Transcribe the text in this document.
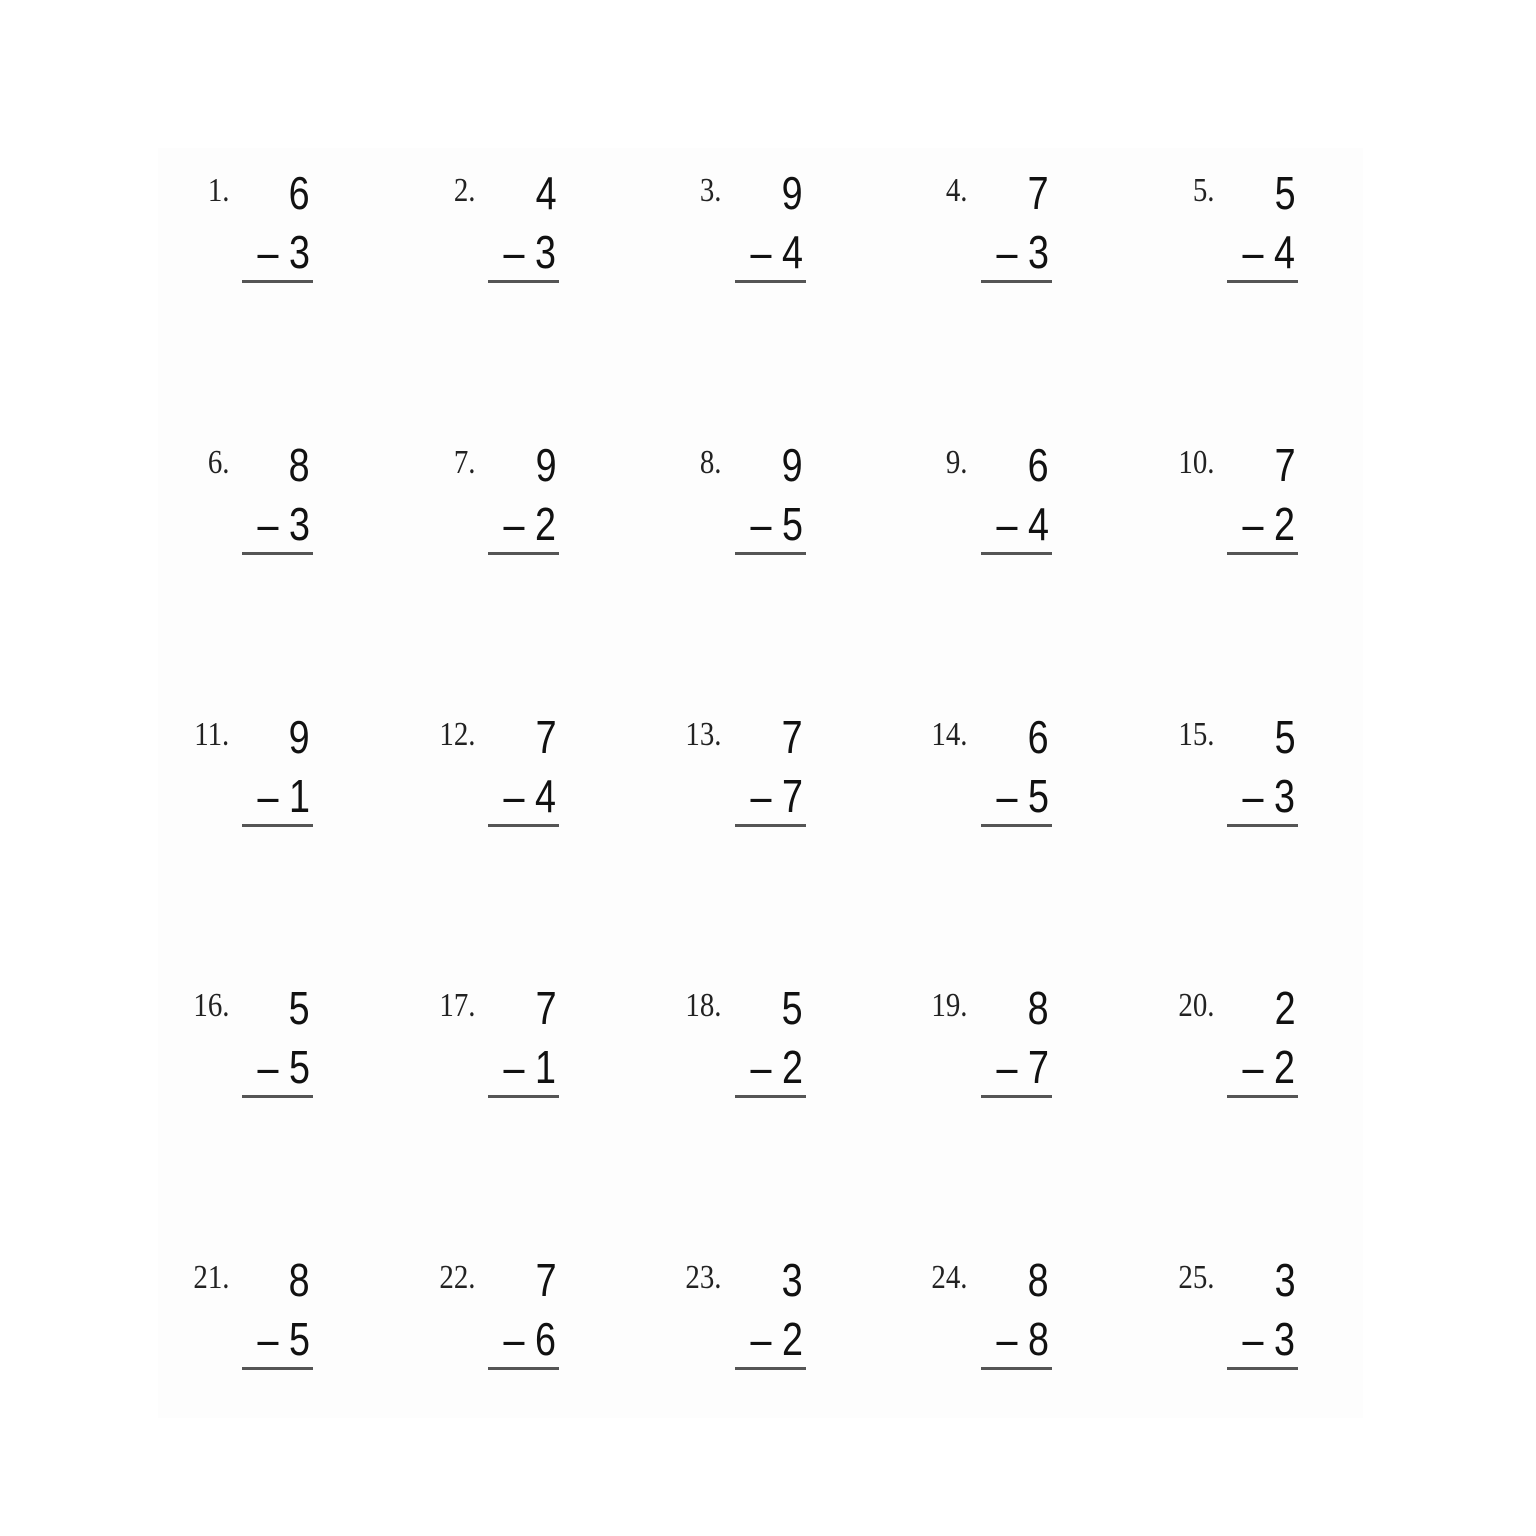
1. 6
– 3
2. 4
– 3
3. 9
– 4
4. 7
– 3
5. 5
– 4
6. 8
– 3
7. 9
– 2
8. 9
– 5
9. 6
– 4
10. 7
– 2
11. 9
– 1
12. 7
– 4
13. 7
– 7
14. 6
– 5
15. 5
– 3
16. 5
– 5
17. 7
– 1
18. 5
– 2
19. 8
– 7
20. 2
– 2
21. 8
– 5
22. 7
– 6
23. 3
– 2
24. 8
– 8
25. 3
– 3
